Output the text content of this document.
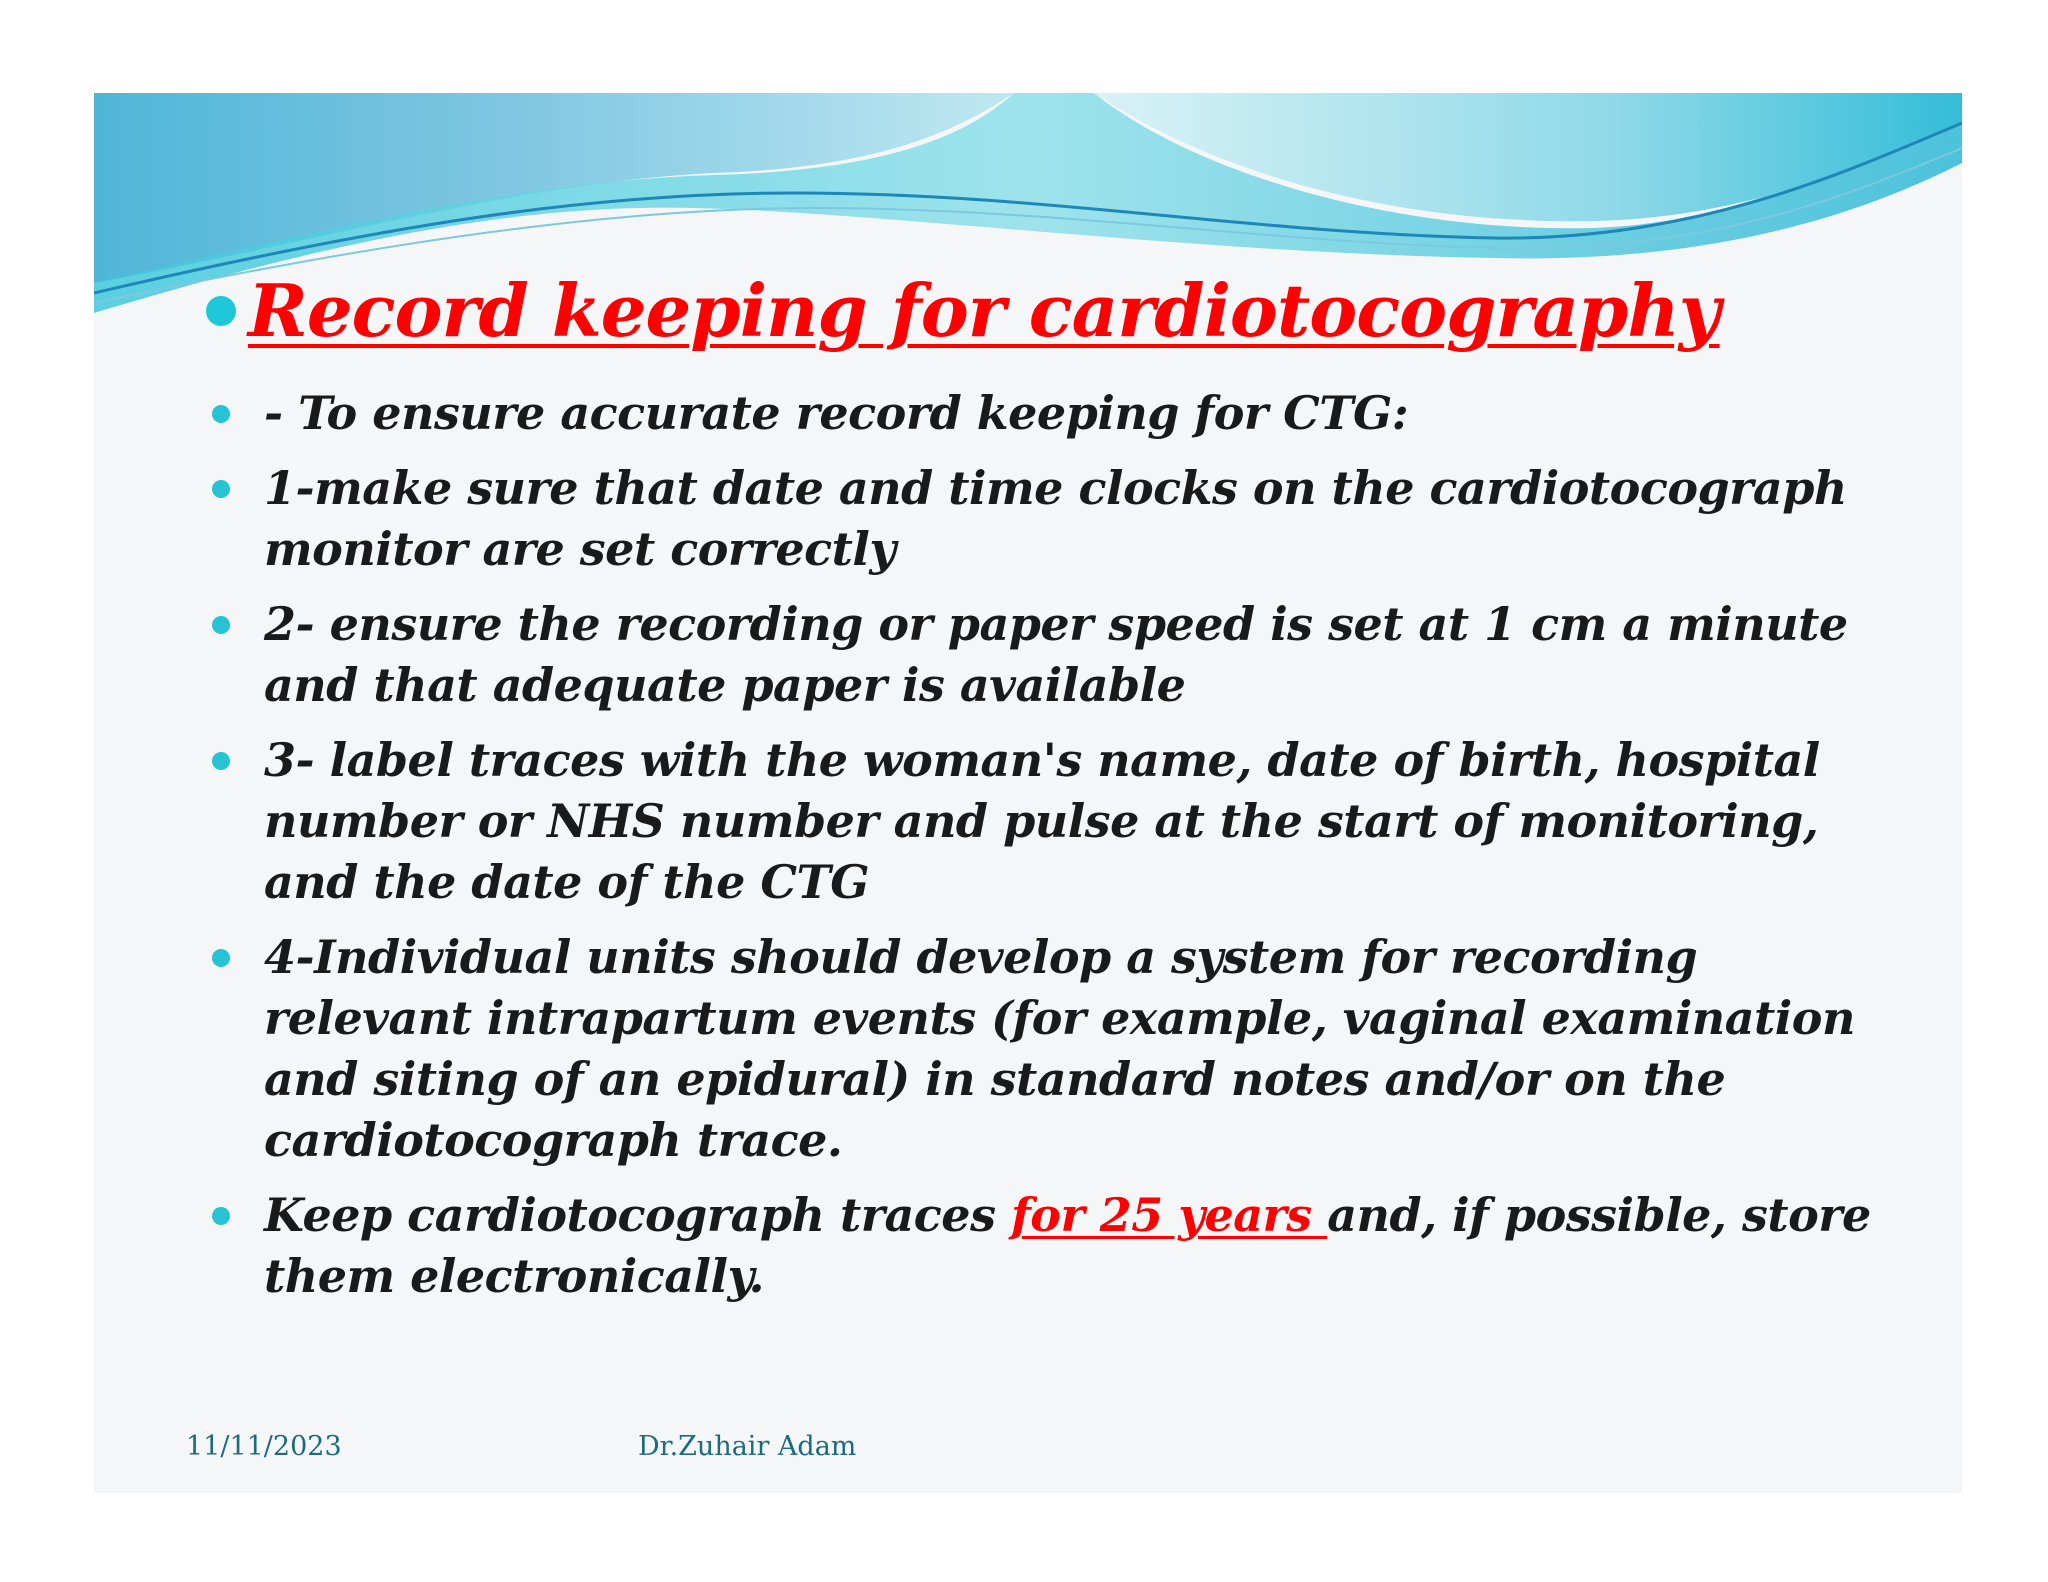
Record keeping for cardiotocography
- To ensure accurate record keeping for CTG:
1-make sure that date and time clocks on the cardiotocograph monitor are set correctly
2- ensure the recording or paper speed is set at 1 cm a minute and that adequate paper is available
3- label traces with the woman's name, date of birth, hospital number or NHS number and pulse at the start of monitoring, and the date of the CTG
4-Individual units should develop a system for recording relevant intrapartum events (for example, vaginal examination and siting of an epidural) in standard notes and/or on the cardiotocograph trace.
Keep cardiotocograph traces for 25 years and, if possible, store them electronically.
11/11/2023	Dr.Zuhair Adam
